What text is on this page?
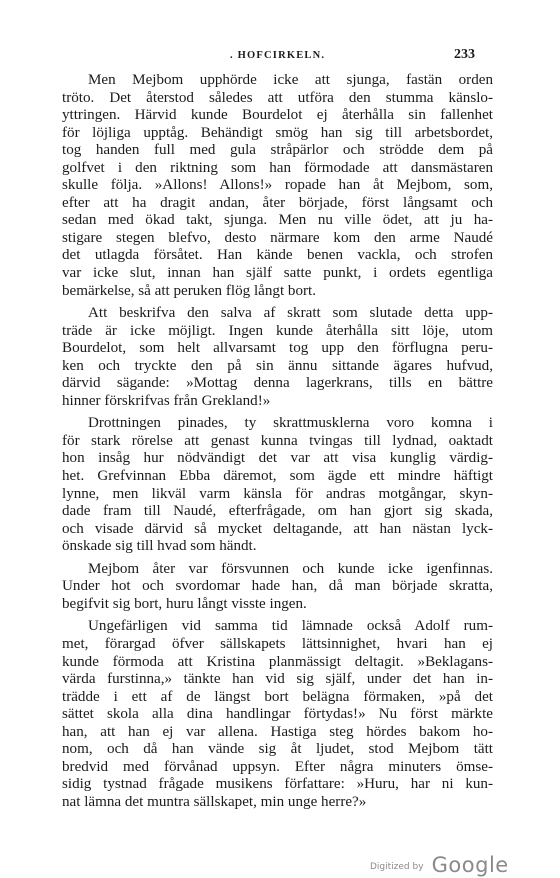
. HOFCIRKELN.	233
Men Mejbom upphörde icke att sjunga, fastän orden
tröto. Det återstod således att utföra den stumma känslo-
yttringen. Härvid kunde Bourdelot ej återhålla sin fallenhet
för löjliga upptåg. Behändigt smög han sig till arbetsbordet,
tog handen full med gula stråpärlor och strödde dem på
golfvet i den riktning som han förmodade att dansmästaren
skulle följa. »Allons! Allons!» ropade han åt Mejbom, som,
efter att ha dragit andan, åter började, först långsamt och
sedan med ökad takt, sjunga. Men nu ville ödet, att ju ha-
stigare stegen blefvo, desto närmare kom den arme Naudé
det utlagda försåtet. Han kände benen vackla, och strofen
var icke slut, innan han själf satte punkt, i ordets egentliga
bemärkelse, så att peruken flög långt bort.
Att beskrifva den salva af skratt som slutade detta upp-
träde är icke möjligt. Ingen kunde återhålla sitt löje, utom
Bourdelot, som helt allvarsamt tog upp den förflugna peru-
ken och tryckte den på sin ännu sittande ägares hufvud,
därvid sägande: »Mottag denna lagerkrans, tills en bättre
hinner förskrifvas från Grekland!»
Drottningen pinades, ty skrattmusklerna voro komna i
för stark rörelse att genast kunna tvingas till lydnad, oaktadt
hon insåg hur nödvändigt det var att visa kunglig värdig-
het. Grefvinnan Ebba däremot, som ägde ett mindre häftigt
lynne, men likväl varm känsla för andras motgångar, skyn-
dade fram till Naudé, efterfrågade, om han gjort sig skada,
och visade därvid så mycket deltagande, att han nästan lyck-
önskade sig till hvad som händt.
Mejbom åter var försvunnen och kunde icke igenfinnas.
Under hot och svordomar hade han, då man började skratta,
begifvit sig bort, huru långt visste ingen.
Ungefärligen vid samma tid lämnade också Adolf rum-
met, förargad öfver sällskapets lättsinnighet, hvari han ej
kunde förmoda att Kristina planmässigt deltagit. »Beklagans-
värda furstinna,» tänkte han vid sig själf, under det han in-
trädde i ett af de längst bort belägna förmaken, »på det
sättet skola alla dina handlingar förtydas!» Nu först märkte
han, att han ej var allena. Hastiga steg hördes bakom ho-
nom, och då han vände sig åt ljudet, stod Mejbom tätt
bredvid med förvånad uppsyn. Efter några minuters ömse-
sidig tystnad frågade musikens författare: »Huru, har ni kun-
nat lämna det muntra sällskapet, min unge herre?»
Digitized by Google
